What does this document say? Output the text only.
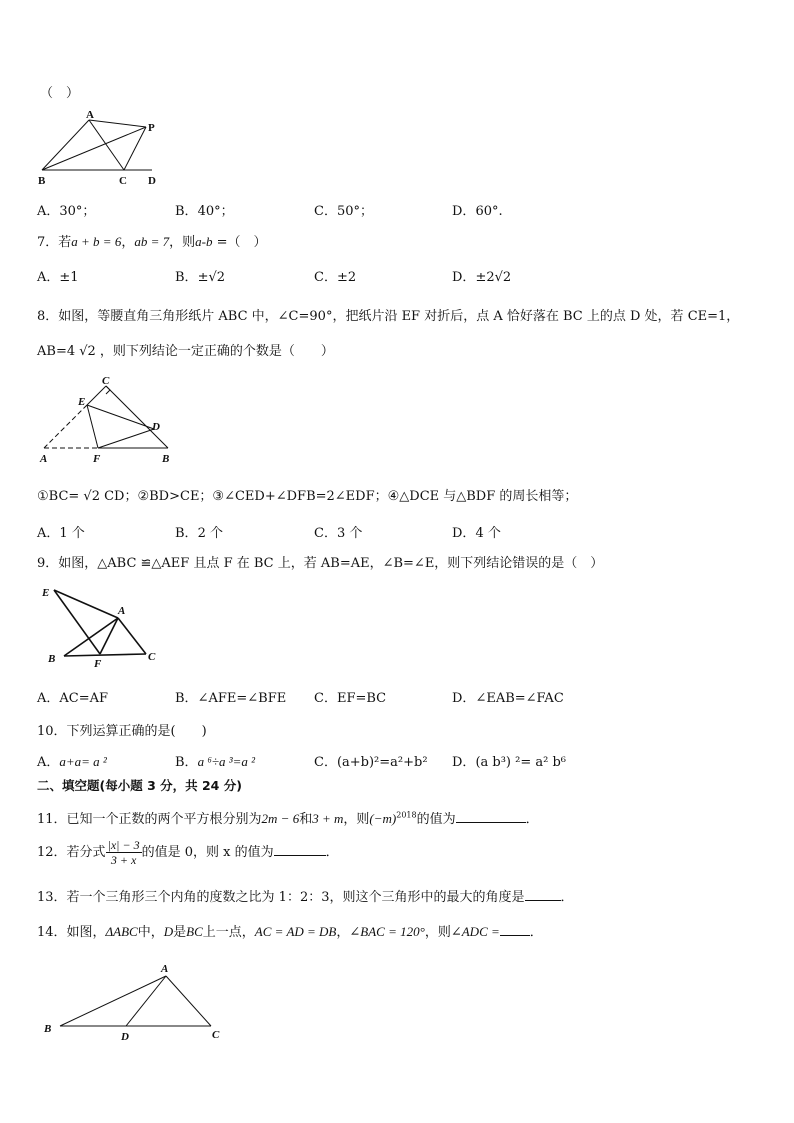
（　）
A
P
B	C D
A．30°；	B．40°；	C．50°；	D．60°.
7．若a + b = 6，ab = 7，则a-b =（　）
A．±1	B．±√2	C．±2	D．±2√2
8．如图，等腰直角三角形纸片 ABC 中，∠C=90°，把纸片沿 EF 对折后，点 A 恰好落在 BC 上的点 D 处，若 CE=1，
AB=4 √2 ，则下列结论一定正确的个数是（　　）
C
E
D
A	F	B
①BC= √2 CD；②BD>CE；③∠CED+∠DFB=2∠EDF；④△DCE 与△BDF 的周长相等；
A．1 个	B．2 个	C．3 个	D．4 个
9．如图，△ABC ≌△AEF 且点 F 在 BC 上，若 AB=AE，∠B=∠E，则下列结论错误的是（　）
E
A
B	F
C
A．AC=AF	B．∠AFE=∠BFE C．EF=BC	D．∠EAB=∠FAC
10．下列运算正确的是(　　)
A．a+a= a ²	B．a ⁶÷a ³=a ²	C．(a+b)²=a²+b² D．(a b³) ²= a² b⁶
二、填空题(每小题 3 分，共 24 分)
11．已知一个正数的两个平方根分别为2m − 6和3 + m，则$(-m)^{2018}$的值为	．
12．若分式 $\frac{|x| - 3}{3 + x}$ 的值是 0，则 x 的值为	．
13．若一个三角形三个内角的度数之比为 1：2：3，则这个三角形中的最大的角度是	．
14．如图，ΔABC中，D是BC上一点，AC = AD = DB，∠BAC = 120°，则∠ADC = ．
A
B
D	C
